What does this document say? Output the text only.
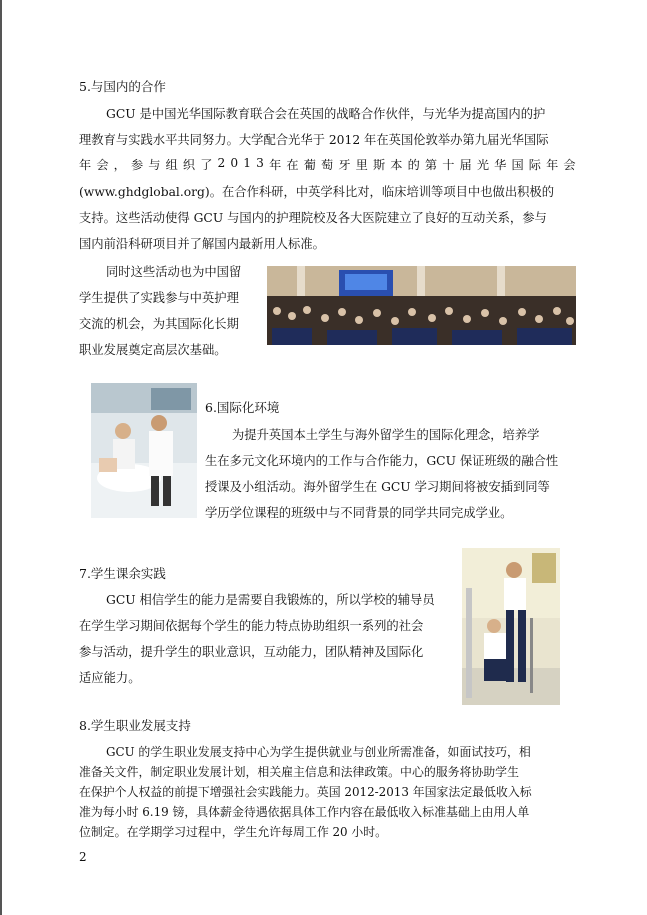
5.与国内的合作
GCU 是中国光华国际教育联合会在英国的战略合作伙伴，与光华为提高国内的护
理教育与实践水平共同努力。大学配合光华于 2012 年在英国伦敦举办第九届光华国际
年 会 ， 参 与 组 织 了 2 0 1 3 年 在 葡 萄 牙 里 斯 本 的 第 十 届 光 华 国 际 年 会
(www.ghdglobal.org)。在合作科研，中英学科比对，临床培训等项目中也做出积极的
支持。这些活动使得 GCU 与国内的护理院校及各大医院建立了良好的互动关系，参与
国内前沿科研项目并了解国内最新用人标准。
同时这些活动也为中国留
学生提供了实践参与中英护理
交流的机会，为其国际化长期
职业发展奠定高层次基础。
6.国际化环境
为提升英国本土学生与海外留学生的国际化理念，培养学
生在多元文化环境内的工作与合作能力，GCU 保证班级的融合性
授课及小组活动。海外留学生在 GCU 学习期间将被安插到同等
学历学位课程的班级中与不同背景的同学共同完成学业。
7.学生课余实践
GCU 相信学生的能力是需要自我锻炼的，所以学校的辅导员
在学生学习期间依据每个学生的能力特点协助组织一系列的社会
参与活动，提升学生的职业意识，互动能力，团队精神及国际化
适应能力。
8.学生职业发展支持
GCU 的学生职业发展支持中心为学生提供就业与创业所需准备，如面试技巧，相
准备关文件，制定职业发展计划，相关雇主信息和法律政策。中心的服务将协助学生
在保护个人权益的前提下增强社会实践能力。英国 2012-2013 年国家法定最低收入标
准为每小时 6.19 镑，具体薪金待遇依据具体工作内容在最低收入标准基础上由用人单
位制定。在学期学习过程中，学生允许每周工作 20 小时。
2
